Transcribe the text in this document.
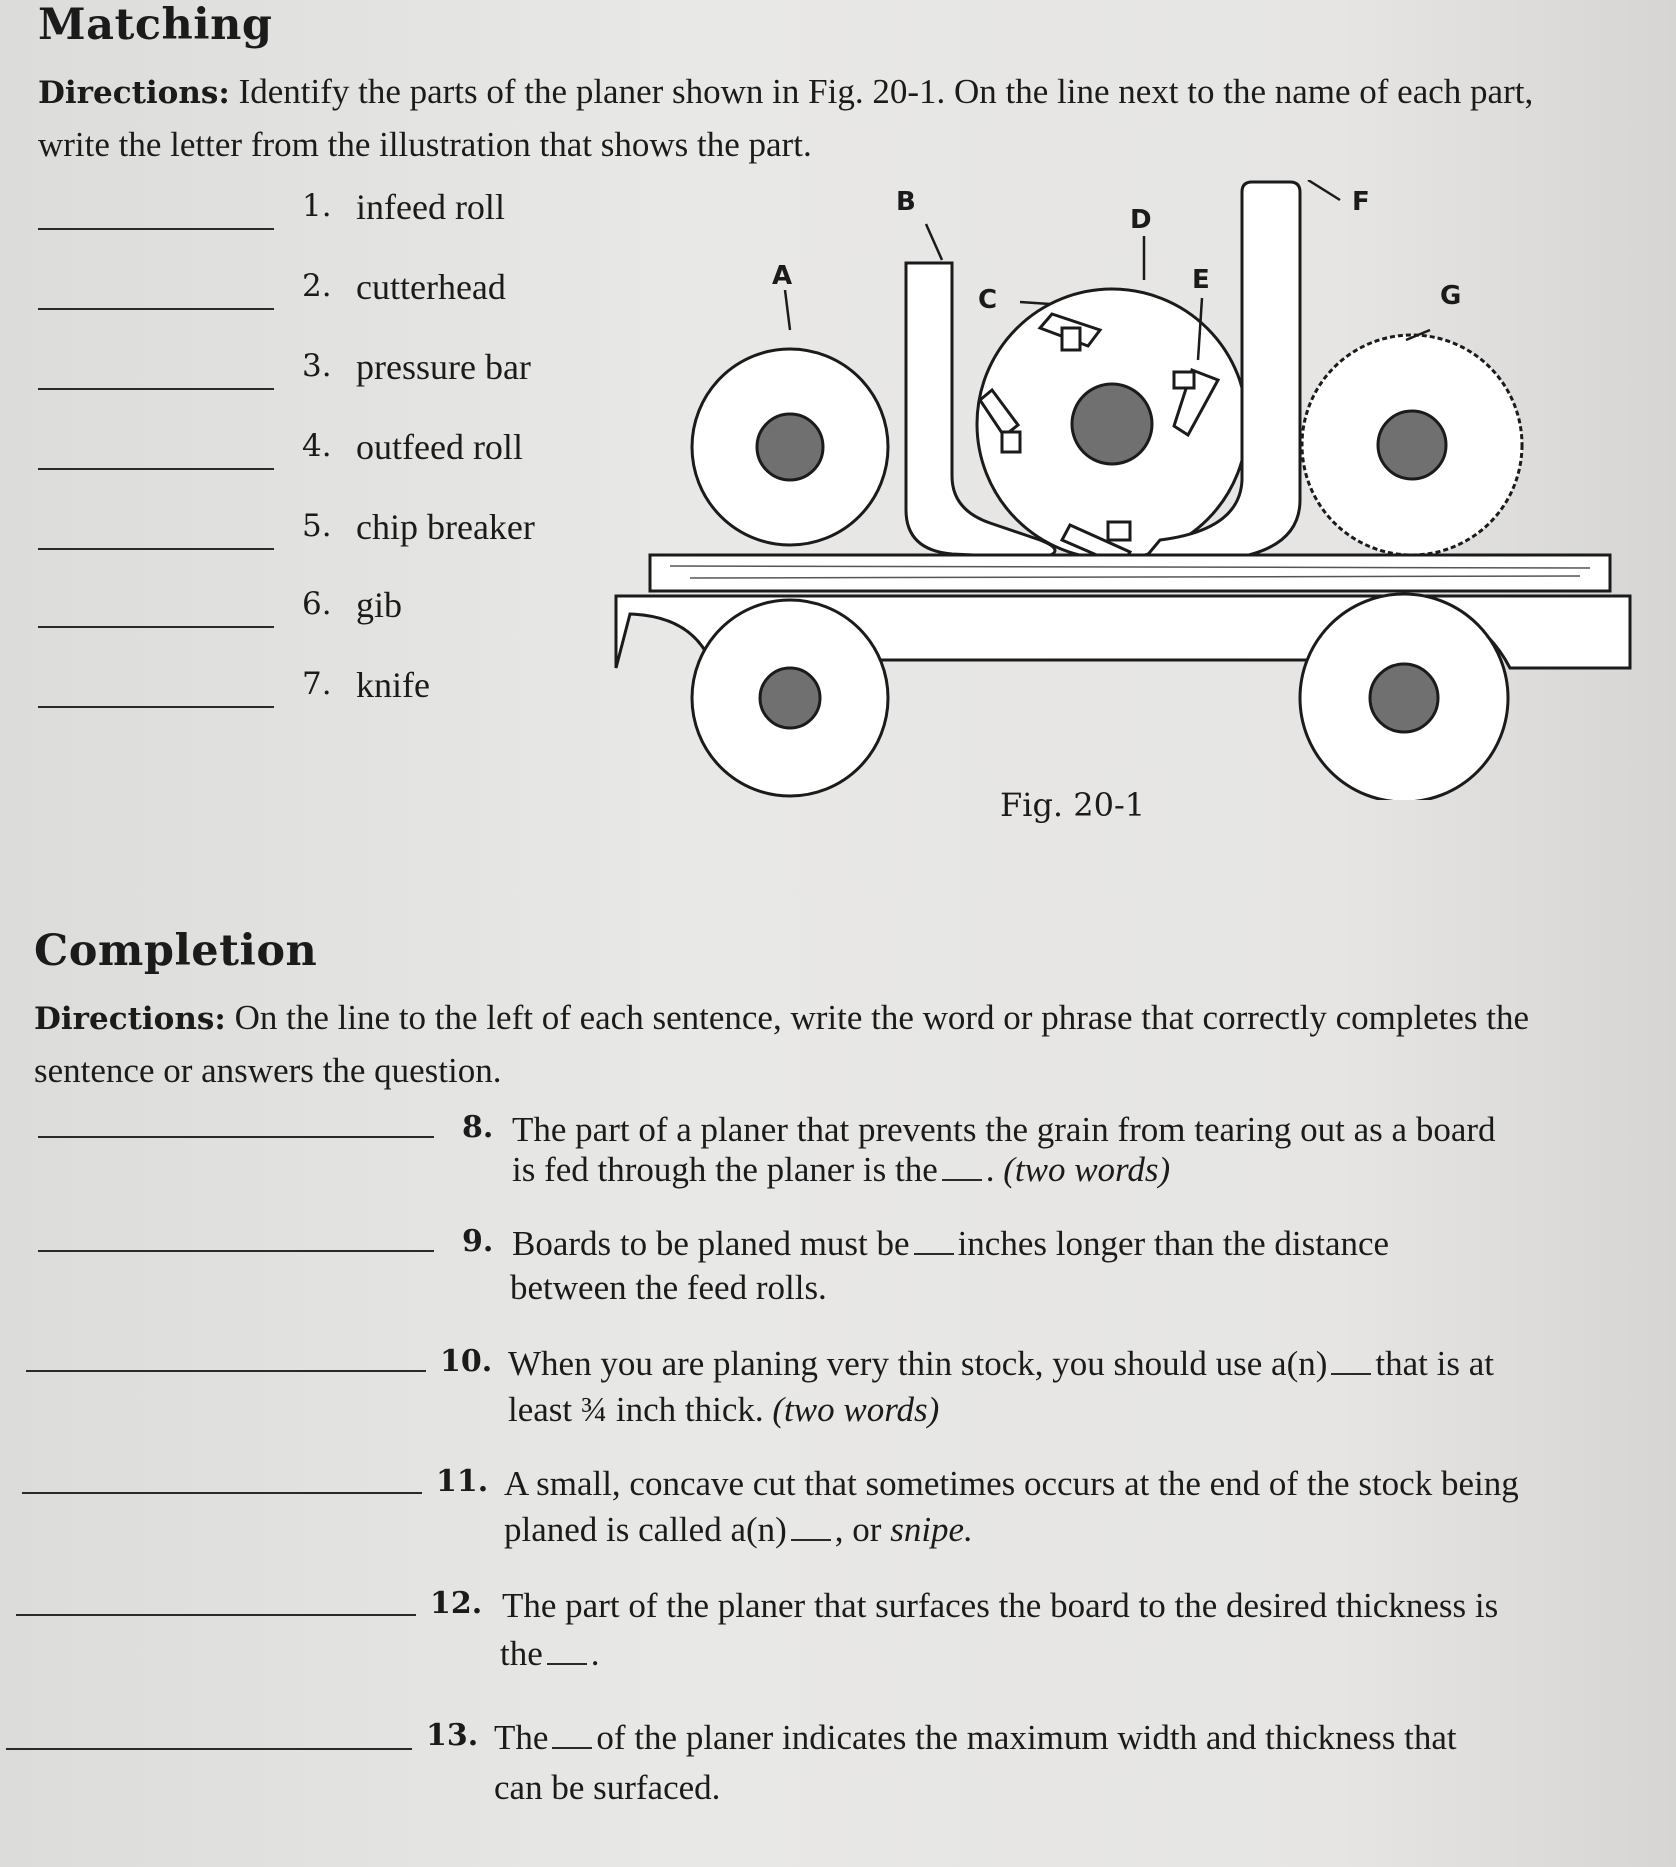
Matching
Directions: Identify the parts of the planer shown in Fig. 20-1. On the line next to the name of each part, write the letter from the illustration that shows the part.
1. infeed roll
2. cutterhead
3. pressure bar
4. outfeed roll
5. chip breaker
6. gib
7. knife
A
B
C
D
E
F
G
Fig. 20-1
Completion
Directions: On the line to the left of each sentence, write the word or phrase that correctly completes the sentence or answers the question.
8. The part of a planer that prevents the grain from tearing out as a board
is fed through the planer is the . (two words)
9. Boards to be planed must be inches longer than the distance
between the feed rolls.
10. When you are planing very thin stock, you should use a(n) that is at
least ¾ inch thick. (two words)
11. A small, concave cut that sometimes occurs at the end of the stock being
planed is called a(n) , or snipe.
12. The part of the planer that surfaces the board to the desired thickness is
the .
13. The of the planer indicates the maximum width and thickness that
can be surfaced.
